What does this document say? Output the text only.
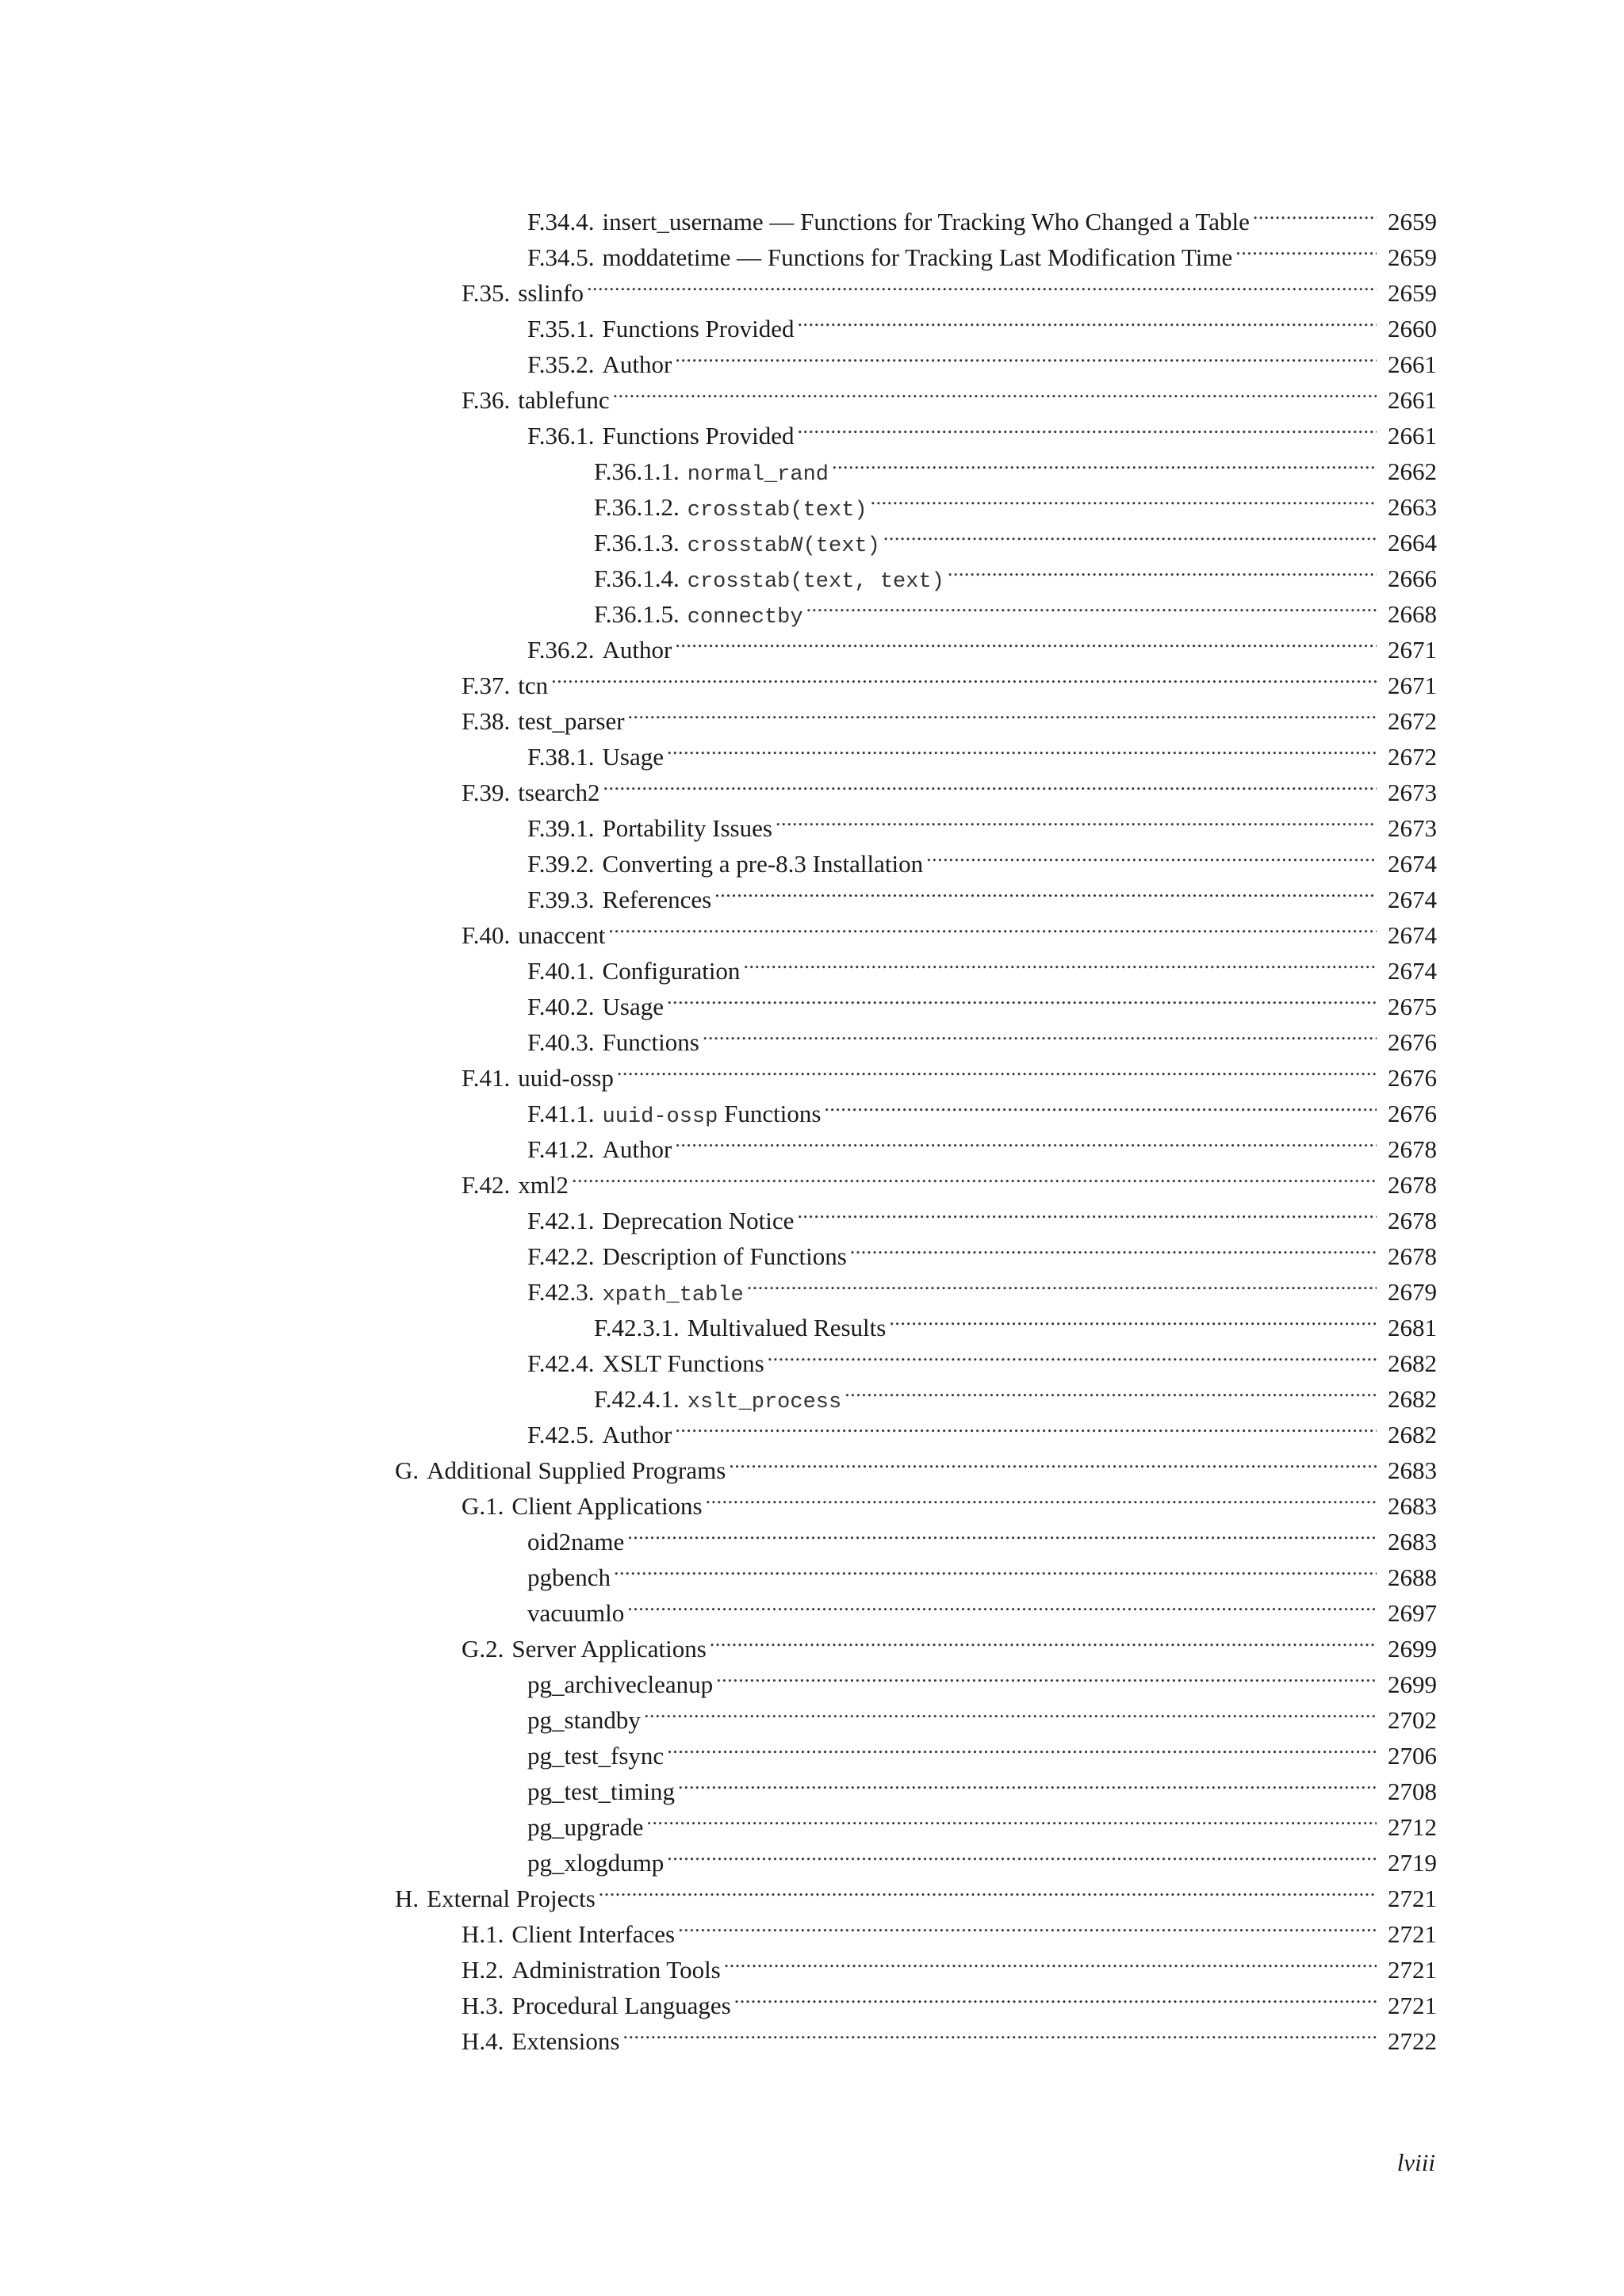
F.34.4. insert_username — Functions for Tracking Who Changed a Table . . .	2659
F.34.5. moddatetime — Functions for Tracking Last Modification Time . . .	2659
F.35. sslinfo . . .	2659
F.35.1. Functions Provided . . .	2660
F.35.2. Author . . .	2661
F.36. tablefunc . . .	2661
F.36.1. Functions Provided . . .	2661
F.36.1.1. normal_rand . . .	2662
F.36.1.2. crosstab(text) . . .	2663
F.36.1.3. crosstabN(text) . . .	2664
F.36.1.4. crosstab(text, text) . . .	2666
F.36.1.5. connectby . . .	2668
F.36.2. Author . . .	2671
F.37. tcn . . .	2671
F.38. test_parser . . .	2672
F.38.1. Usage . . .	2672
F.39. tsearch2 . . .	2673
F.39.1. Portability Issues . . .	2673
F.39.2. Converting a pre-8.3 Installation . . .	2674
F.39.3. References . . .	2674
F.40. unaccent . . .	2674
F.40.1. Configuration . . .	2674
F.40.2. Usage . . .	2675
F.40.3. Functions . . .	2676
F.41. uuid-ossp . . .	2676
F.41.1. uuid-ossp Functions . . .	2676
F.41.2. Author . . .	2678
F.42. xml2 . . .	2678
F.42.1. Deprecation Notice . . .	2678
F.42.2. Description of Functions . . .	2678
F.42.3. xpath_table . . .	2679
F.42.3.1. Multivalued Results . . .	2681
F.42.4. XSLT Functions . . .	2682
F.42.4.1. xslt_process . . .	2682
F.42.5. Author . . .	2682
G. Additional Supplied Programs . . .	2683
G.1. Client Applications . . .	2683
oid2name . . .	2683
pgbench . . .	2688
vacuumlo . . .	2697
G.2. Server Applications . . .	2699
pg_archivecleanup . . .	2699
pg_standby . . .	2702
pg_test_fsync . . .	2706
pg_test_timing . . .	2708
pg_upgrade . . .	2712
pg_xlogdump . . .	2719
H. External Projects . . .	2721
H.1. Client Interfaces . . .	2721
H.2. Administration Tools . . .	2721
H.3. Procedural Languages . . .	2721
H.4. Extensions . . .	2722
lviii
